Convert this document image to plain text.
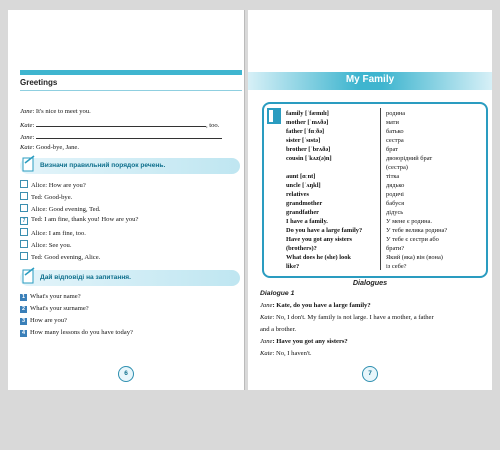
Greetings
Jane: It's nice to meet you.
Kate:	, too.
Jane:
Kate: Good-bye, Jane.
Визначи правильний порядок речень.
Alice: How are you?
Ted: Good-bye.
Alice: Good evening, Ted.
7 Ted: I am fine, thank you! How are you?
Alice: I am fine, too.
Alice: See you.
Ted: Good evening, Alice.
Дай відповіді на запитання.
1 What's your name?
2 What's your surname?
3 How are you?
4 How many lessons do you have today?
6
My Family
family [ˈfæmɪlɪ]	родина
mother [ˈmʌðə]	мати
father [ˈfɑːðə]	батько
sister [ˈsɪstə]	сестра
brother [ˈbrʌðə]	брат
cousin [ˈkʌz(ə)n]	двоюрідний брат
(сестра)
aunt [ɑːnt]	тітка
uncle [ˈʌŋkl]	дядько
relatives	родичі
grandmother	бабуся
grandfather	дідусь
I have a family.	У мене є родина.
Do you have a large family?	У тебе велика родина?
Have you got any sisters	У тебе є сестри або
(brothers)?	брати?
What does he (she) look	Який (яка) він (вона)
like?	із себе?
Dialogues
Dialogue 1
Jane: Kate, do you have a large family?
Kate: No, I don't. My family is not large. I have a mother, a father
and a brother.
Jane: Have you got any sisters?
Kate: No, I haven't.
7
